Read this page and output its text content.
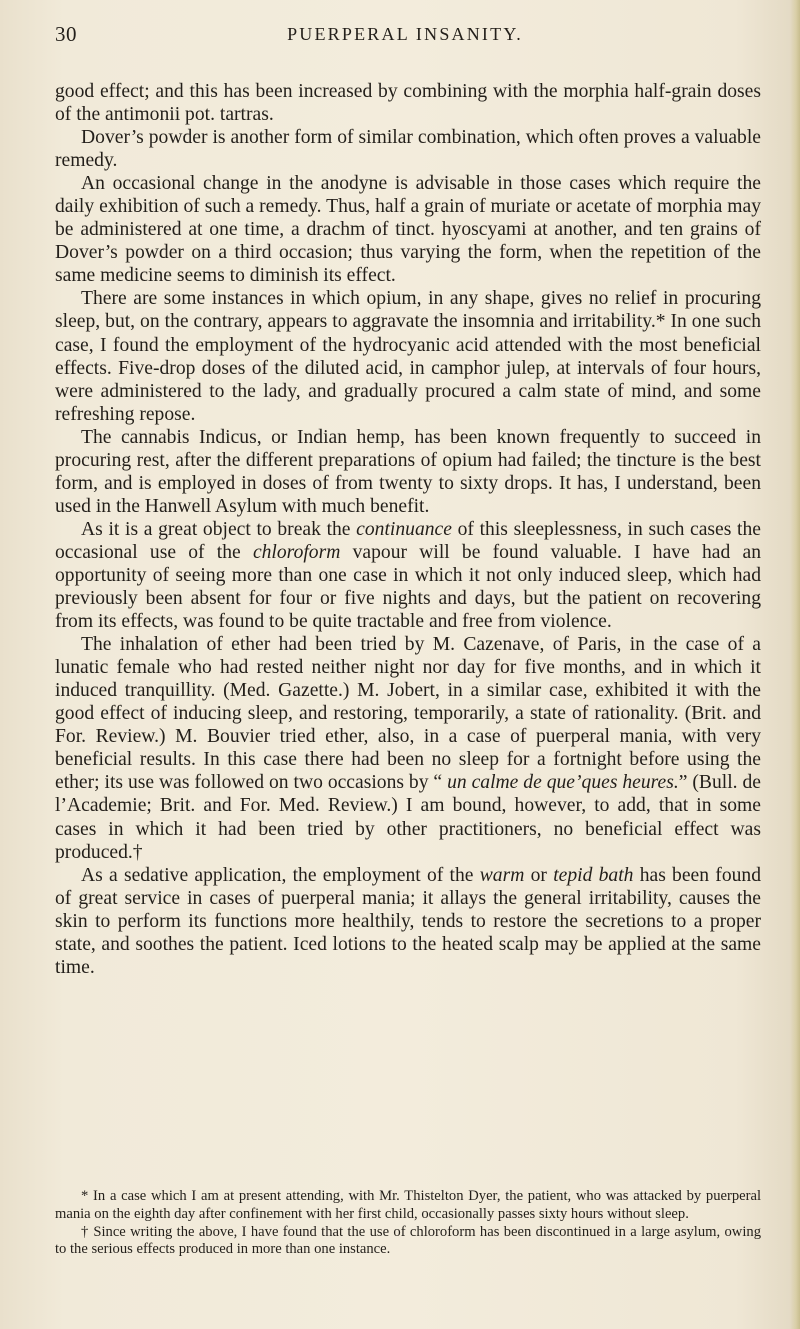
30	PUERPERAL INSANITY.

good effect; and this has been increased by combining with the morphia half-grain doses of the antimonii pot. tartras.

Dover’s powder is another form of similar combination, which often proves a valuable remedy.

An occasional change in the anodyne is advisable in those cases which require the daily exhibition of such a remedy. Thus, half a grain of muriate or acetate of morphia may be administered at one time, a drachm of tinct. hyoscyami at another, and ten grains of Dover’s powder on a third occasion; thus varying the form, when the repetition of the same medicine seems to diminish its effect.

There are some instances in which opium, in any shape, gives no relief in procuring sleep, but, on the contrary, appears to aggravate the insomnia and irritability.* In one such case, I found the employment of the hydrocyanic acid attended with the most beneficial effects. Five-drop doses of the diluted acid, in camphor julep, at intervals of four hours, were administered to the lady, and gradually procured a calm state of mind, and some refreshing repose.

The cannabis Indicus, or Indian hemp, has been known frequently to succeed in procuring rest, after the different preparations of opium had failed; the tincture is the best form, and is employed in doses of from twenty to sixty drops. It has, I understand, been used in the Hanwell Asylum with much benefit.

As it is a great object to break the continuance of this sleeplessness, in such cases the occasional use of the chloroform vapour will be found valuable. I have had an opportunity of seeing more than one case in which it not only induced sleep, which had previously been absent for four or five nights and days, but the patient on recovering from its effects, was found to be quite tractable and free from violence.

The inhalation of ether had been tried by M. Cazenave, of Paris, in the case of a lunatic female who had rested neither night nor day for five months, and in which it induced tranquillity. (Med. Gazette.) M. Jobert, in a similar case, exhibited it with the good effect of inducing sleep, and restoring, temporarily, a state of rationality. (Brit. and For. Review.) M. Bouvier tried ether, also, in a case of puerperal mania, with very beneficial results. In this case there had been no sleep for a fortnight before using the ether; its use was followed on two occasions by “ un calme de que’ques heures.” (Bull. de l’Academie; Brit. and For. Med. Review.) I am bound, however, to add, that in some cases in which it had been tried by other practitioners, no beneficial effect was produced.†

As a sedative application, the employment of the warm or tepid bath has been found of great service in cases of puerperal mania; it allays the general irritability, causes the skin to perform its functions more healthily, tends to restore the secretions to a proper state, and soothes the patient. Iced lotions to the heated scalp may be applied at the same time.

* In a case which I am at present attending, with Mr. Thistelton Dyer, the patient, who was attacked by puerperal mania on the eighth day after confinement with her first child, occasionally passes sixty hours without sleep.

† Since writing the above, I have found that the use of chloroform has been discontinued in a large asylum, owing to the serious effects produced in more than one instance.
